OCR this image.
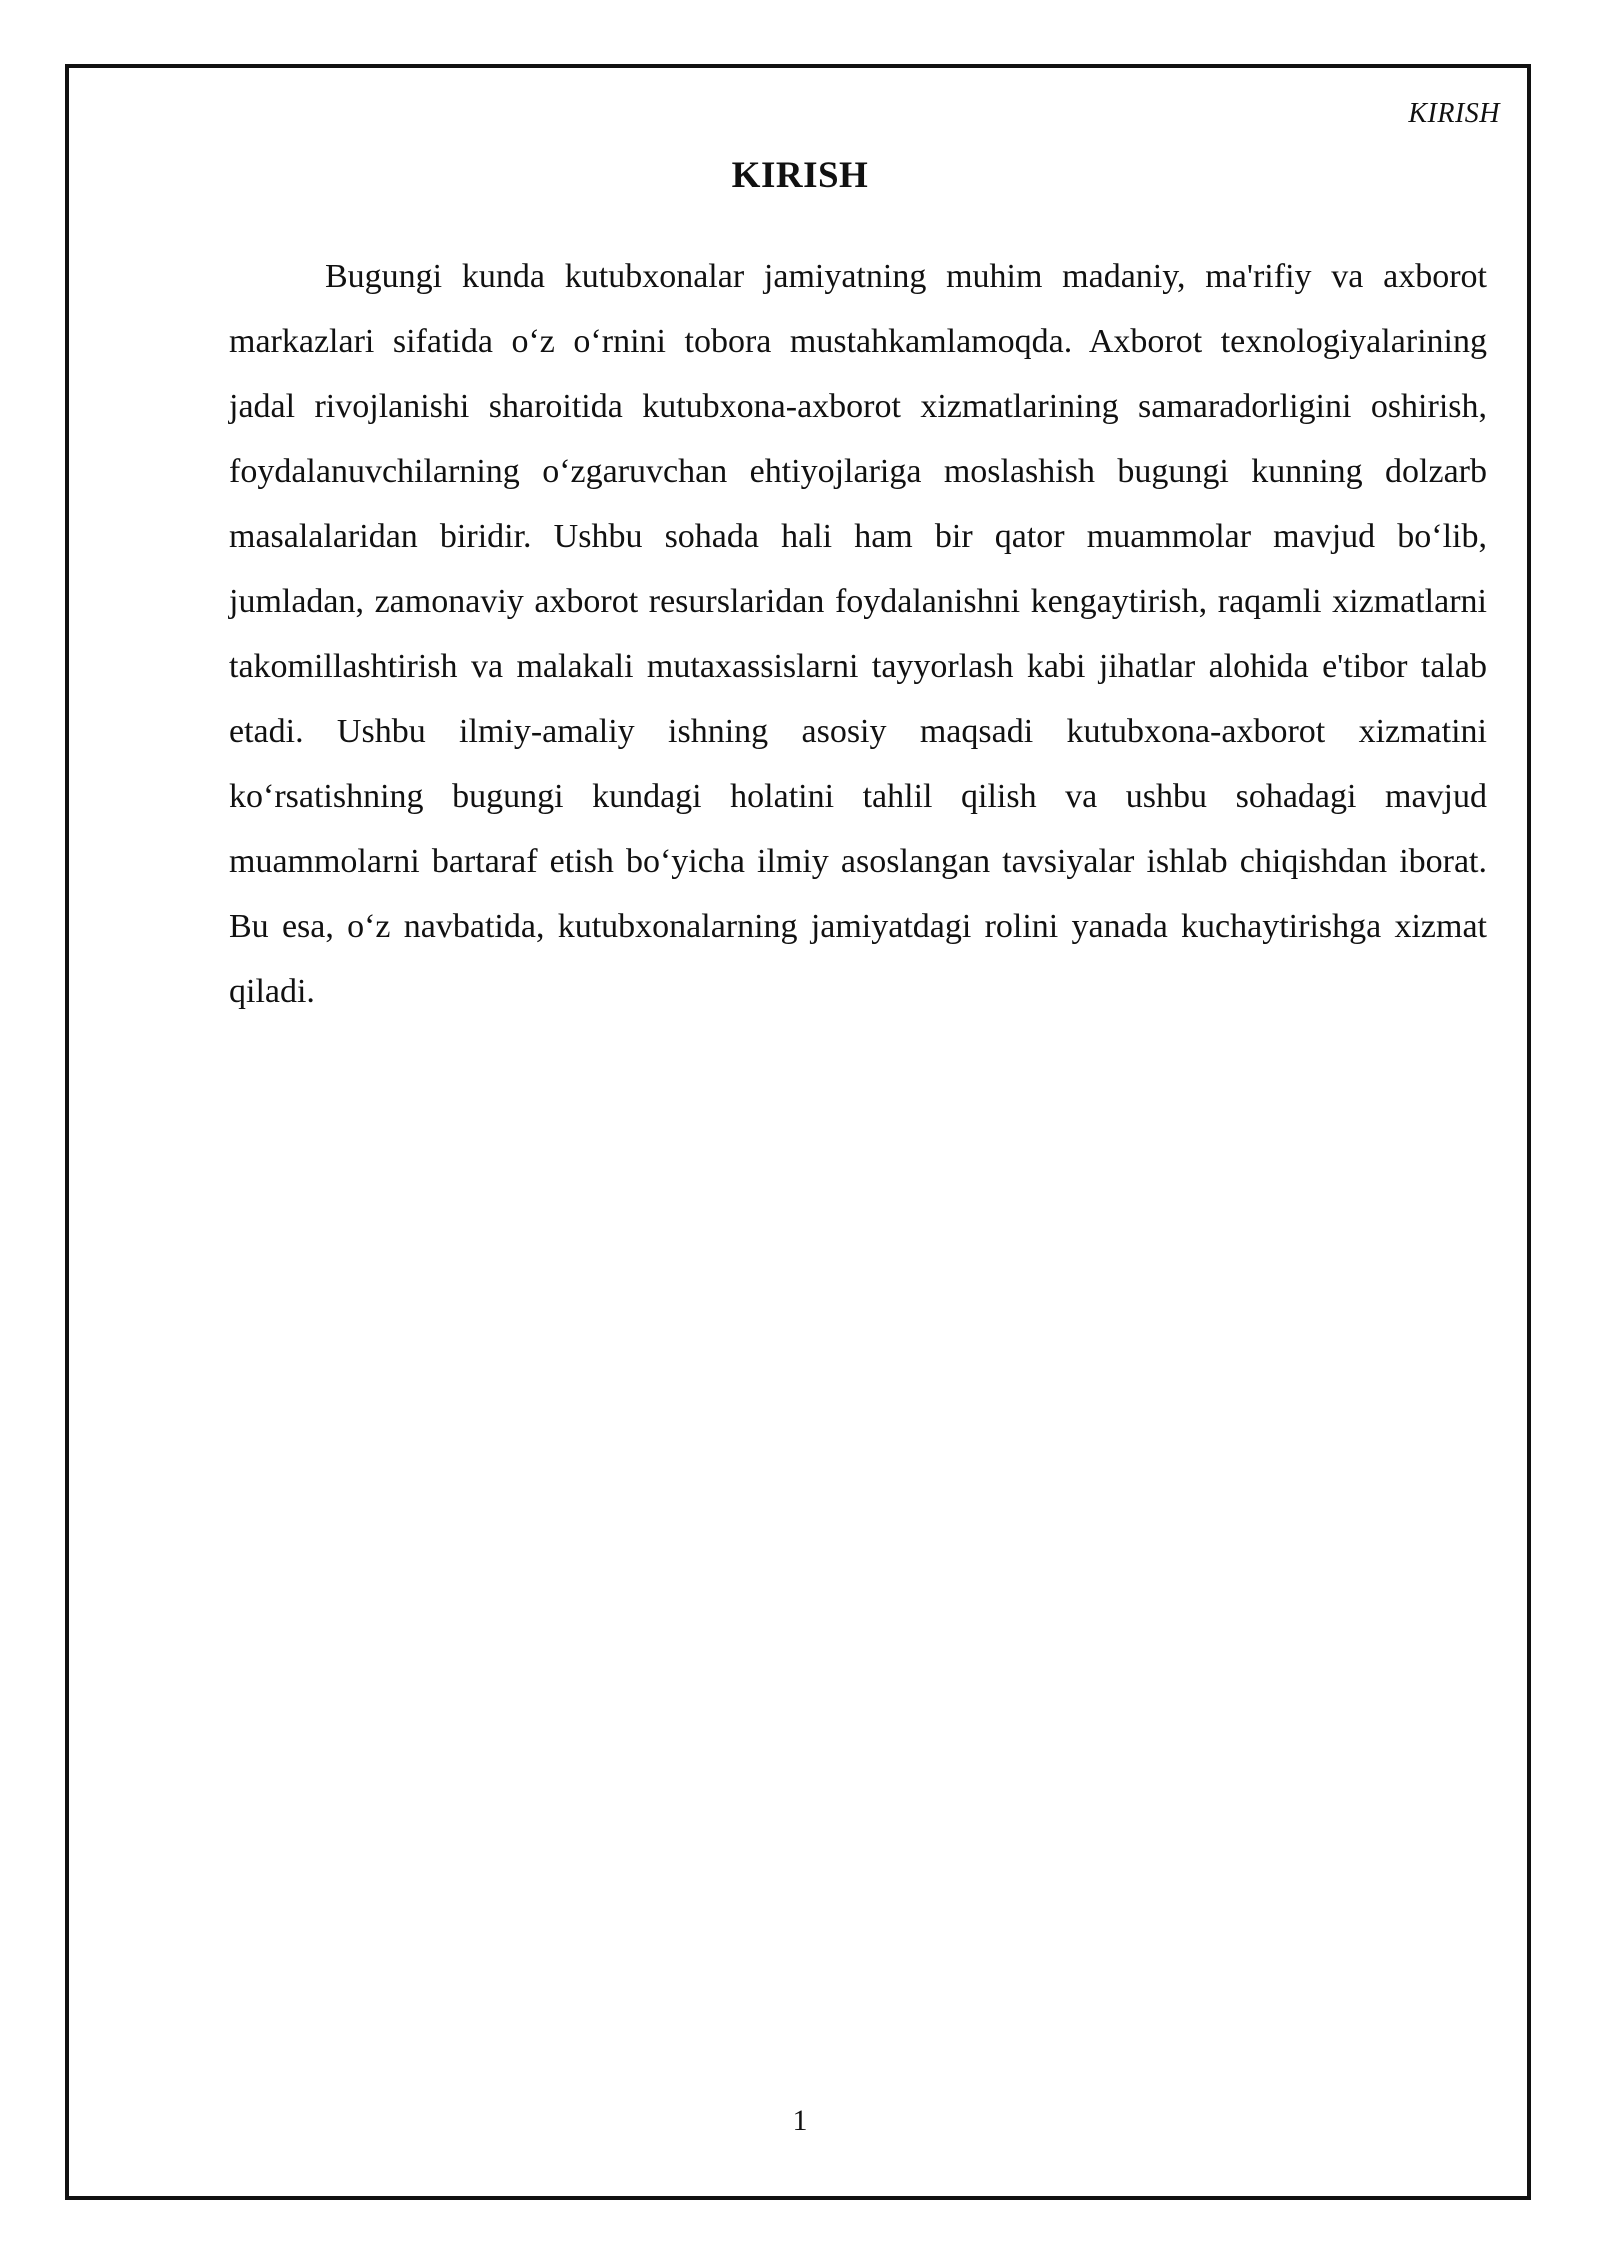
KIRISH
KIRISH

Bugungi kunda kutubxonalar jamiyatning muhim madaniy, ma'rifiy va axborot markazlari sifatida o‘z o‘rnini tobora mustahkamlamoqda. Axborot texnologiyalarining jadal rivojlanishi sharoitida kutubxona-axborot xizmatlarining samaradorligini oshirish, foydalanuvchilarning o‘zgaruvchan ehtiyojlariga moslashish bugungi kunning dolzarb masalalaridan biridir. Ushbu sohada hali ham bir qator muammolar mavjud bo‘lib, jumladan, zamonaviy axborot resurslaridan foydalanishni kengaytirish, raqamli xizmatlarni takomillashtirish va malakali mutaxassislarni tayyorlash kabi jihatlar alohida e'tibor talab etadi. Ushbu ilmiy-amaliy ishning asosiy maqsadi kutubxona-axborot xizmatini ko‘rsatishning bugungi kundagi holatini tahlil qilish va ushbu sohadagi mavjud muammolarni bartaraf etish bo‘yicha ilmiy asoslangan tavsiyalar ishlab chiqishdan iborat. Bu esa, o‘z navbatida, kutubxonalarning jamiyatdagi rolini yanada kuchaytirishga xizmat qiladi.

1
